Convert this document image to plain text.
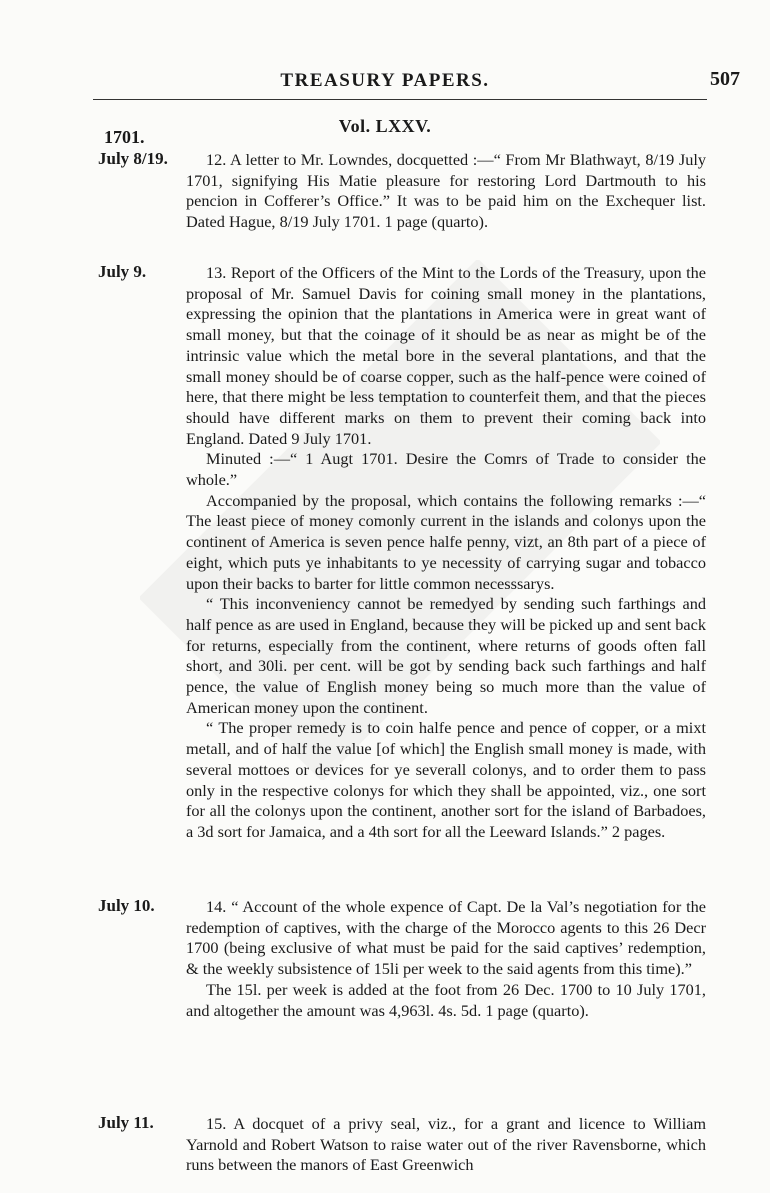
TREASURY PAPERS.	507
Vol. LXXV.
1701.
July 8/19.	12. A letter to Mr. Lowndes, docquetted :—“ From Mr Blathwayt, 8/19 July 1701, signifying His Matie pleasure for restoring Lord Dartmouth to his pencion in Cofferer’s Office.” It was to be paid him on the Exchequer list. Dated Hague, 8/19 July 1701. 1 page (quarto).

July 9.	13. Report of the Officers of the Mint to the Lords of the Treasury, upon the proposal of Mr. Samuel Davis for coining small money in the plantations, expressing the opinion that the plantations in America were in great want of small money, but that the coinage of it should be as near as might be of the intrinsic value which the metal bore in the several plantations, and that the small money should be of coarse copper, such as the half-pence were coined of here, that there might be less temptation to counterfeit them, and that the pieces should have different marks on them to prevent their coming back into England. Dated 9 July 1701.

Minuted :—“ 1 Augt 1701. Desire the Comrs of Trade to consider the whole.”

Accompanied by the proposal, which contains the following remarks :—“ The least piece of money comonly current in the islands and colonys upon the continent of America is seven pence halfe penny, vizt, an 8th part of a piece of eight, which puts ye inhabitants to ye necessity of carrying sugar and tobacco upon their backs to barter for little common necesssarys.

“ This inconveniency cannot be remedyed by sending such farthings and half pence as are used in England, because they will be picked up and sent back for returns, especially from the continent, where returns of goods often fall short, and 30li. per cent. will be got by sending back such farthings and half pence, the value of English money being so much more than the value of American money upon the continent.

“ The proper remedy is to coin halfe pence and pence of copper, or a mixt metall, and of half the value [of which] the English small money is made, with several mottoes or devices for ye severall colonys, and to order them to pass only in the respective colonys for which they shall be appointed, viz., one sort for all the colonys upon the continent, another sort for the island of Barbadoes, a 3d sort for Jamaica, and a 4th sort for all the Leeward Islands.” 2 pages.

July 10.	14. “ Account of the whole expence of Capt. De la Val’s negotiation for the redemption of captives, with the charge of the Morocco agents to this 26 Decr 1700 (being exclusive of what must be paid for the said captives’ redemption, & the weekly subsistence of 15li per week to the said agents from this time).”

The 15l. per week is added at the foot from 26 Dec. 1700 to 10 July 1701, and altogether the amount was 4,963l. 4s. 5d. 1 page (quarto).

July 11.	15. A docquet of a privy seal, viz., for a grant and licence to William Yarnold and Robert Watson to raise water out of the river Ravensborne, which runs between the manors of East Greenwich
